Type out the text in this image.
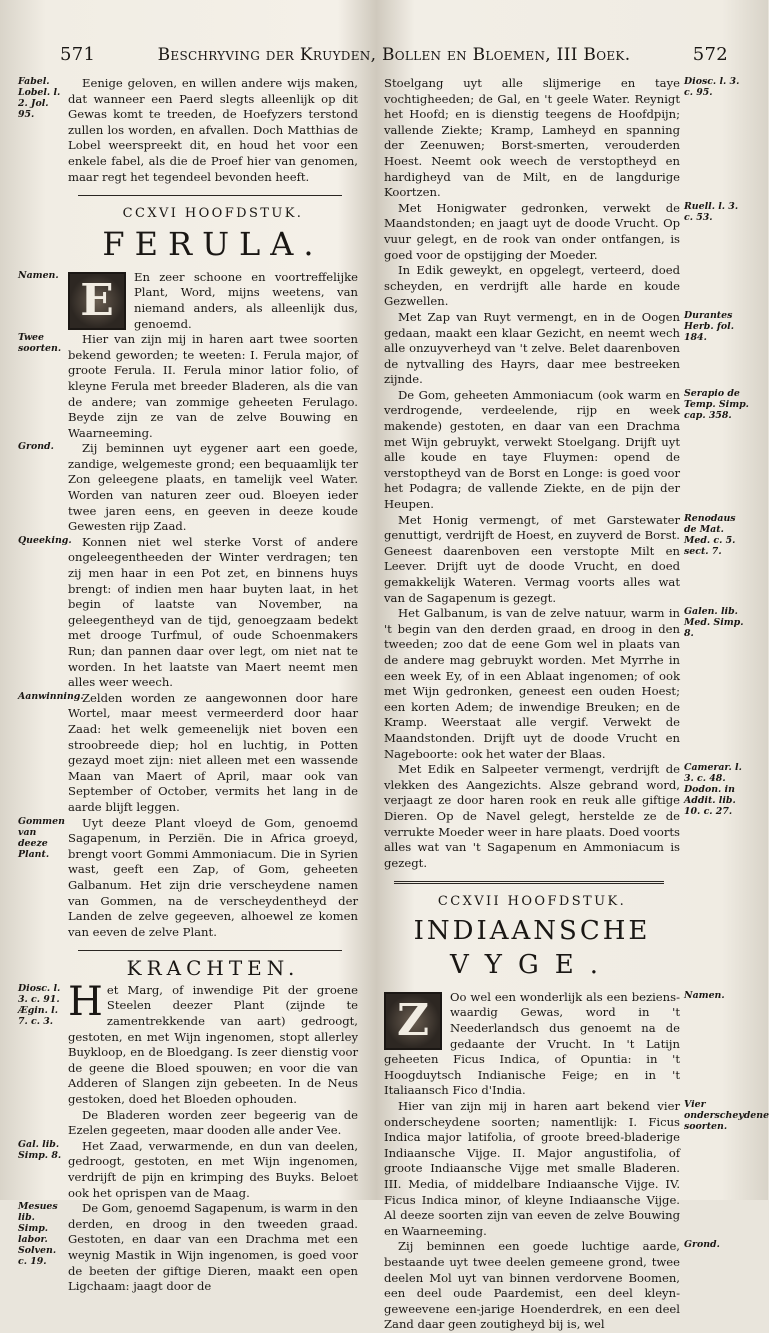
571	Beschryving der Kruyden, Bollen en Bloemen, III Boek.	572
Fabel. Lobel. l. 2. Jol. 95.

Eenige geloven, en willen andere wijs maken, dat wanneer een Paerd slegts alleenlijk op dit Gewas komt te treeden, de Hoefyzers terstond zullen los worden, en afvallen. Doch Matthias de Lobel weerspreekt dit, en houd het voor een enkele fabel, als die de Proef hier van genomen, maar regt het tegendeel bevonden heeft.

CCXVI HOOFDSTUK.
FERULA.
Namen. E	En zeer schoone en voortreffelijke Plant, Word, mijns weetens, van niemand anders, als alleenlijk dus, genoemd.

Twee soorten.

Hier van zijn mij in haren aart twee soorten bekend geworden; te weeten: I. Ferula major, of groote Ferula. II. Ferula minor latior folio, of kleyne Ferula met breeder Bladeren, als die van de andere; van zommige geheeten Ferulago. Beyde zijn ze van de zelve Bouwing en Waarneeming.

Grond.	Zij beminnen uyt eygener aart een goede, zandige, welgemeste grond; een bequaamlijk ter Zon geleegene plaats, en tamelijk veel Water. Worden van naturen zeer oud. Bloeyen ieder twee jaren eens, en geeven in deeze koude Gewesten rijp Zaad.

Queeking. Konnen niet wel sterke Vorst of andere ongeleegentheeden der Winter verdragen; ten zij men haar in een Pot zet, en binnens huys brengt: of indien men haar buyten laat, in het begin of laatste van November, na geleegentheyd van de tijd, genoegzaam bedekt met drooge Turfmul, of oude Schoenmakers Run; dan pannen daar over legt, om niet nat te worden. In het laatste van Maert neemt men alles weer weech.

Aanwinning.

Zelden worden ze aangewonnen door hare Wortel, maar meest vermeerderd door haar Zaad: het welk gemeenelijk niet boven een stroobreede diep; hol en luchtig, in Potten gezayd moet zijn: niet alleen met een wassende Maan van Maert of April, maar ook van September of October, vermits het lang in de aarde blijft leggen.

Gommen van deeze Plant.

Uyt deeze Plant vloeyd de Gom, genoemd Sagapenum, in Perziën. Die in Africa groeyd, brengt voort Gommi Ammoniacum. Die in Syrien wast, geeft een Zap, of Gom, geheeten Galbanum. Het zijn drie verscheydene namen van Gommen, na de verscheydentheyd der Landen de zelve gegeeven, alhoewel ze komen van eeven de zelve Plant.

KRACHTEN.
Diosc. l. 3. c. 91. Ægin. l. 7. c. 3. H et Marg, of inwendige Pit der groene Steelen deezer Plant (zijnde te zamentrekkende van aart) gedroogt, gestoten, en met Wijn ingenomen, stopt allerley Buykloop, en de Bloedgang. Is zeer dienstig voor de geene die Bloed spouwen; en voor die van Adderen of Slangen zijn gebeeten. In de Neus gestoken, doed het Bloeden ophouden.

De Bladeren worden zeer begeerig van de Ezelen gegeeten, maar dooden alle ander Vee.

Gal. lib. Simp. 8.

Het Zaad, verwarmende, en dun van deelen, gedroogt, gestoten, en met Wijn ingenomen, verdrijft de pijn en krimping des Buyks. Beloet ook het oprispen van de Maag.

Mesues lib. Simp. labor. Solven. c. 19.

De Gom, genoemd Sagapenum, is warm in den derden, en droog in den tweeden graad. Gestoten, en daar van een Drachma met een weynig Mastik in Wijn ingenomen, is goed voor de beeten der giftige Dieren, maakt een open Ligchaam: jaagt door de

Diosc. l. 3. c. 95.

Stoelgang uyt alle slijmerige en taye vochtigheeden; de Gal, en 't geele Water. Reynigt het Hoofd; en is dienstig teegens de Hoofdpijn; vallende Ziekte; Kramp, Lamheyd en spanning der Zeenuwen; Borst-smerten, verouderden Hoest. Neemt ook weech de verstoptheyd en hardigheyd van de Milt, en de langdurige Koortzen.

Ruell. l. 3. c. 53.

Met Honigwater gedronken, verwekt de Maandstonden; en jaagt uyt de doode Vrucht. Op vuur gelegt, en de rook van onder ontfangen, is goed voor de opstijging der Moeder.

In Edik geweykt, en opgelegt, verteerd, doed scheyden, en verdrijft alle harde en koude Gezwellen.

Durantes Herb. fol. 184.

Met Zap van Ruyt vermengt, en in de Oogen gedaan, maakt een klaar Gezicht, en neemt wech alle onzuyverheyd van 't zelve. Belet daarenboven de nytvalling des Hayrs, daar mee bestreeken zijnde.

Serapio de Temp. Simp. cap. 358.

De Gom, geheeten Ammoniacum (ook warm en verdrogende, verdeelende, rijp en week makende) gestoten, en daar van een Drachma met Wijn gebruykt, verwekt Stoelgang. Drijft uyt alle koude en taye Fluymen: opend de verstoptheyd van de Borst en Longe: is goed voor het Podagra; de vallende Ziekte, en de pijn der Heupen.

Renodaus de Mat. Med. c. 5. sect. 7.

Met Honig vermengt, of met Garstewater genuttigt, verdrijft de Hoest, en zuyverd de Borst. Geneest daarenboven een verstopte Milt en Leever. Drijft uyt de doode Vrucht, en doed gemakkelijk Wateren. Vermag voorts alles wat van de Sagapenum is gezegt.

Galen. lib. Med. Simp. 8.

Het Galbanum, is van de zelve natuur, warm in 't begin van den derden graad, en droog in den tweeden; zoo dat de eene Gom wel in plaats van de andere mag gebruykt worden. Met Myrrhe in een week Ey, of in een Ablaat ingenomen; of ook met Wijn gedronken, geneest een ouden Hoest; een korten Adem; de inwendige Breuken; en de Kramp. Weerstaat alle vergif. Verwekt de Maandstonden. Drijft uyt de doode Vrucht en Nageboorte: ook het water der Blaas.

Camerar. l. 3. c. 48. Dodon. in Addit. lib. 10. c. 27.

Met Edik en Salpeeter vermengt, verdrijft de vlekken des Aangezichts. Alsze gebrand word, verjaagt ze door haren rook en reuk alle giftige Dieren. Op de Navel gelegt, herstelde ze de verrukte Moeder weer in hare plaats. Doed voorts alles wat van 't Sagapenum en Ammoniacum is gezegt.

CCXVII HOOFDSTUK.
INDIAANSCHE
VYGE.
Namen.
Z	Oo wel een wonderlijk als een beziens-waardig Gewas, word in 't Neederlandsch dus genoemt na de gedaante der Vrucht. In 't Latijn geheeten Ficus Indica, of Opuntia: in 't Hoogduytsch Indianische Feige; en in 't Italiaansch Fico d'India.

Vier onderscheydene soorten.

Hier van zijn mij in haren aart bekend vier onderscheydene soorten; namentlijk: I. Ficus Indica major latifolia, of groote breed-bladerige Indiaansche Vijge. II. Major angustifolia, of groote Indiaansche Vijge met smalle Bladeren. III. Media, of middelbare Indiaansche Vijge. IV. Ficus Indica minor, of kleyne Indiaansche Vijge. Al deeze soorten zijn van eeven de zelve Bouwing en Waarneeming.

Grond.

Zij beminnen een goede luchtige aarde, bestaande uyt twee deelen gemeene grond, twee deelen Mol uyt van binnen verdorvene Boomen, een deel oude Paardemist, een deel kleyn-geweevene een-jarige Hoenderdrek, en een deel Zand daar geen zoutigheyd bij is, wel
